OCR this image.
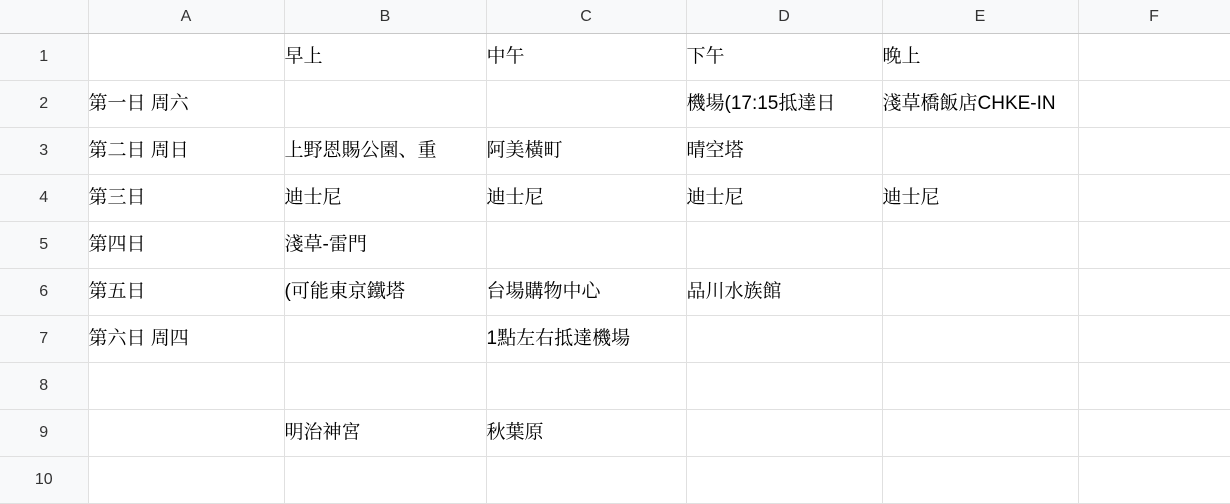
	A	B	C	D	E	F
1		早上	中午	下午	晚上	
2	第一日 周六			機場(17:15抵達日	淺草橋飯店CHKE-IN	
3	第二日 周日	上野恩賜公園、重	阿美橫町	晴空塔		
4	第三日	迪士尼	迪士尼	迪士尼	迪士尼	
5	第四日	淺草-雷門				
6	第五日	(可能東京鐵塔	台場購物中心	品川水族館		
7	第六日 周四		1點左右抵達機場			
8						
9		明治神宮	秋葉原			
10						
